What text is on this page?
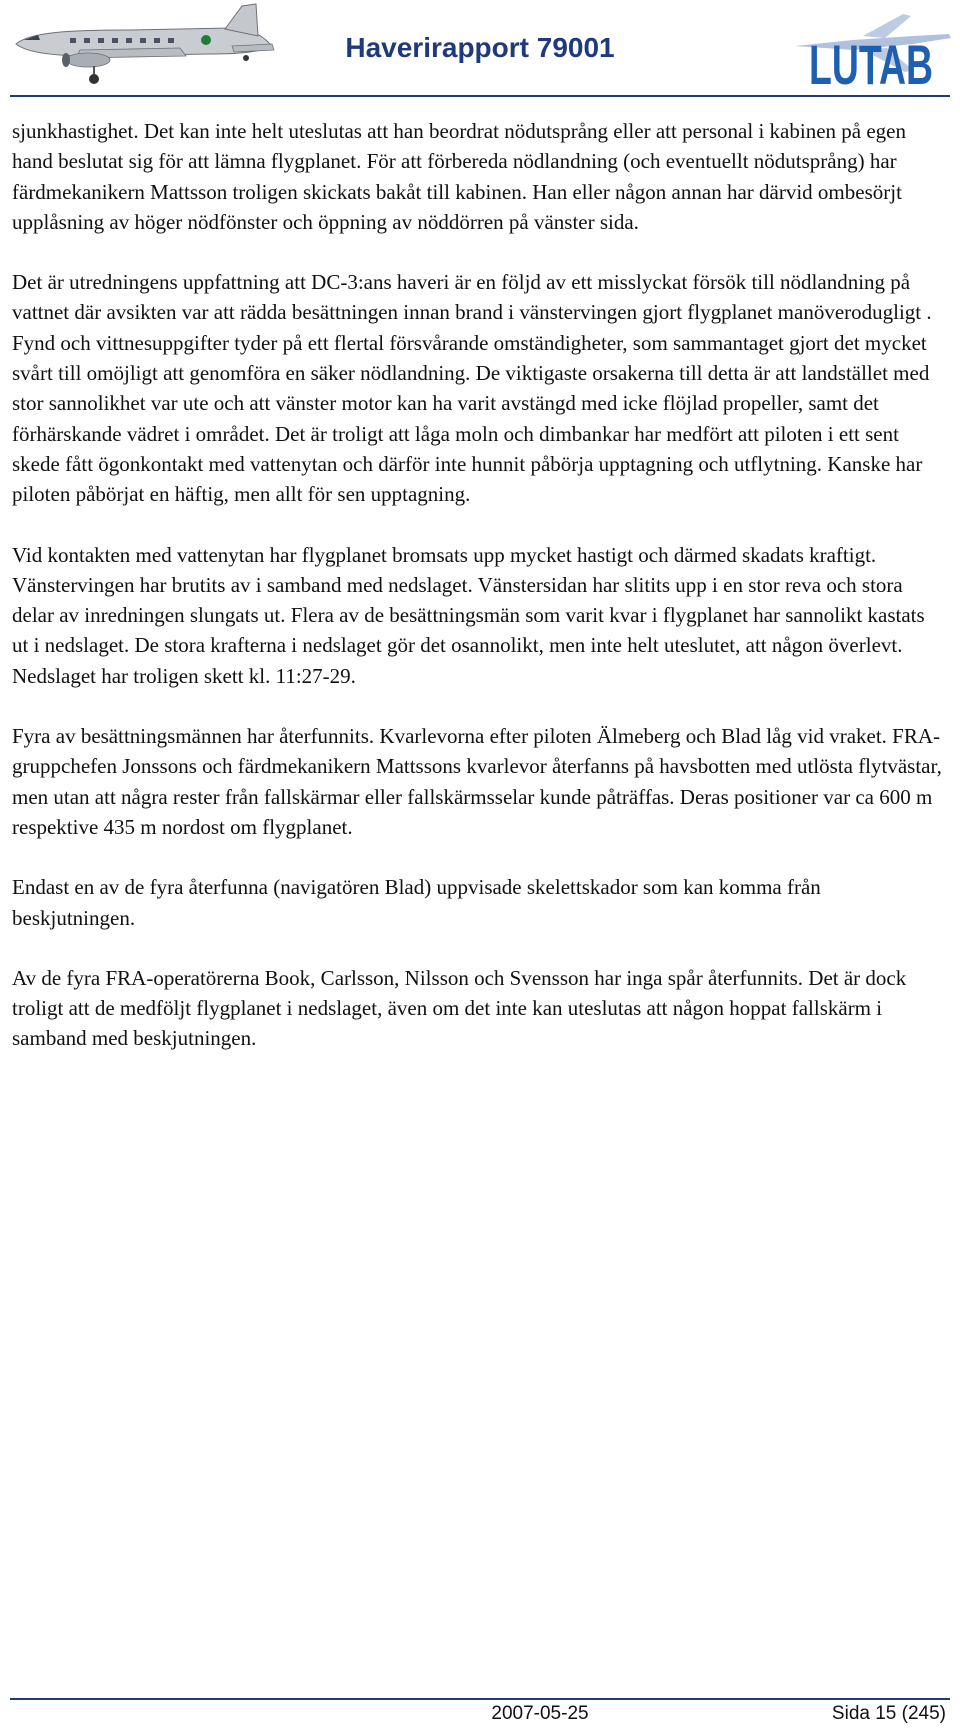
Haverirapport 79001	LUTAB

sjunkhastighet. Det kan inte helt uteslutas att han beordrat nödutsprång eller att personal i kabinen på egen hand beslutat sig för att lämna flygplanet. För att förbereda nödlandning (och eventuellt nödutsprång) har färdmekanikern Mattsson troligen skickats bakåt till kabinen. Han eller någon annan har därvid ombesörjt upplåsning av höger nödfönster och öppning av nöddörren på vänster sida.

Det är utredningens uppfattning att DC-3:ans haveri är en följd av ett misslyckat försök till nödlandning på vattnet där avsikten var att rädda besättningen innan brand i vänstervingen gjort flygplanet manöverodugligt . Fynd och vittnesuppgifter tyder på ett flertal försvårande omständigheter, som sammantaget gjort det mycket svårt till omöjligt att genomföra en säker nödlandning. De viktigaste orsakerna till detta är att landstället med stor sannolikhet var ute och att vänster motor kan ha varit avstängd med icke flöjlad propeller, samt det förhärskande vädret i området. Det är troligt att låga moln och dimbankar har medfört att piloten i ett sent skede fått ögonkontakt med vattenytan och därför inte hunnit påbörja upptagning och utflytning. Kanske har piloten påbörjat en häftig, men allt för sen upptagning.

Vid kontakten med vattenytan har flygplanet bromsats upp mycket hastigt och därmed skadats kraftigt. Vänstervingen har brutits av i samband med nedslaget. Vänstersidan har slitits upp i en stor reva och stora delar av inredningen slungats ut. Flera av de besättningsmän som varit kvar i flygplanet har sannolikt kastats ut i nedslaget. De stora krafterna i nedslaget gör det osannolikt, men inte helt uteslutet, att någon överlevt. Nedslaget har troligen skett kl. 11:27-29.

Fyra av besättningsmännen har återfunnits. Kvarlevorna efter piloten Älmeberg och Blad låg vid vraket. FRA-gruppchefen Jonssons och färdmekanikern Mattssons kvarlevor återfanns på havsbotten med utlösta flytvästar, men utan att några rester från fallskärmar eller fallskärmsselar kunde påträffas. Deras positioner var ca 600 m respektive 435 m nordost om flygplanet.

Endast en av de fyra återfunna (navigatören Blad) uppvisade skelettskador som kan komma från beskjutningen.

Av de fyra FRA-operatörerna Book, Carlsson, Nilsson och Svensson har inga spår återfunnits. Det är dock troligt att de medföljt flygplanet i nedslaget, även om det inte kan uteslutas att någon hoppat fallskärm i samband med beskjutningen.

2007-05-25	Sida 15 (245)
